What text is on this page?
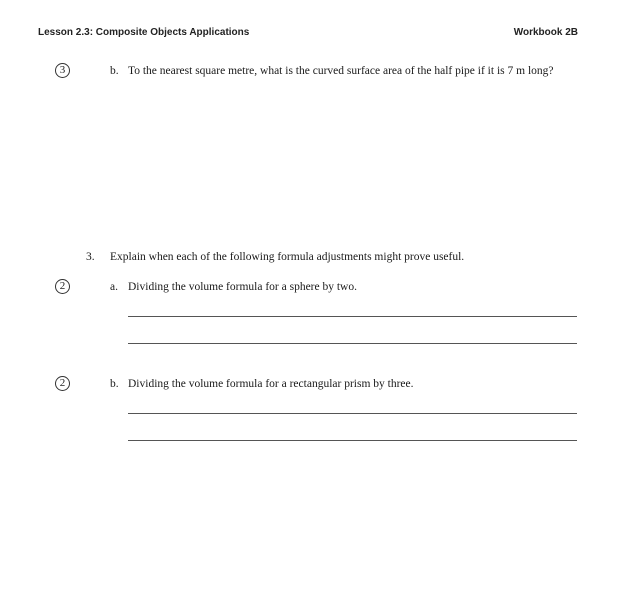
Lesson 2.3: Composite Objects Applications	Workbook 2B
3	b. To the nearest square metre, what is the curved surface area of the half pipe if it is 7 m long?
3. Explain when each of the following formula adjustments might prove useful.
2	a. Dividing the volume formula for a sphere by two.
2	b. Dividing the volume formula for a rectangular prism by three.
